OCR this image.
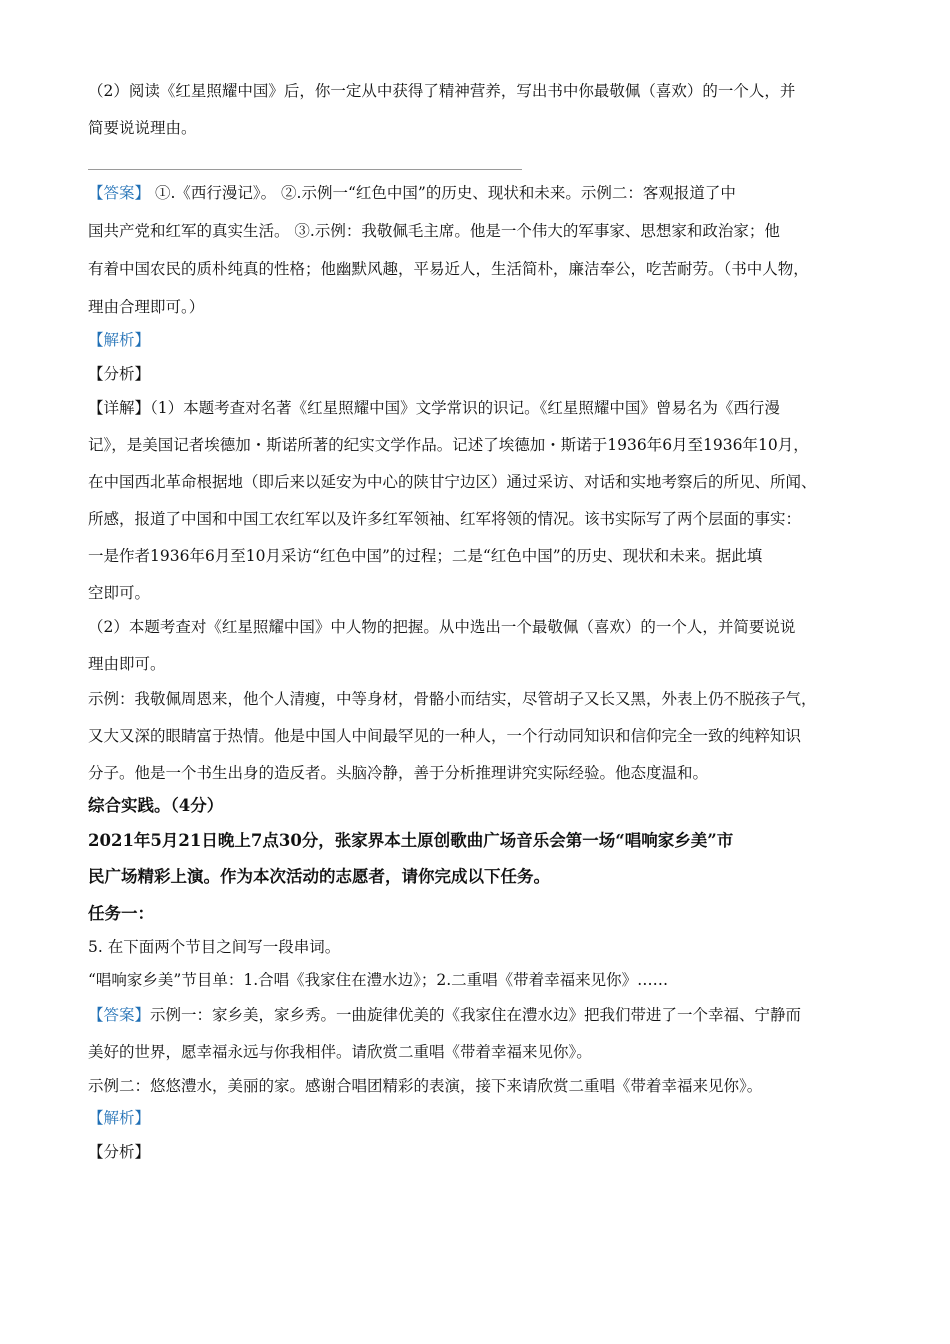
（2）阅读《红星照耀中国》后，你一定从中获得了精神营养，写出书中你最敬佩（喜欢）的一个人，并
简要说说理由。
【答案】 ①.《西行漫记》。 ②.示例一“红色中国”的历史、现状和未来。示例二：客观报道了中
国共产党和红军的真实生活。 ③.示例：我敬佩毛主席。他是一个伟大的军事家、思想家和政治家；他
有着中国农民的质朴纯真的性格；他幽默风趣，平易近人，生活简朴，廉洁奉公，吃苦耐劳。（书中人物，
理由合理即可。）
【解析】
【分析】
【详解】（1）本题考查对名著《红星照耀中国》文学常识的识记。《红星照耀中国》曾易名为《西行漫
记》，是美国记者埃德加・斯诺所著的纪实文学作品。记述了埃德加・斯诺于1936年6月至1936年10月，
在中国西北革命根据地（即后来以延安为中心的陕甘宁边区）通过采访、对话和实地考察后的所见、所闻、
所感，报道了中国和中国工农红军以及许多红军领袖、红军将领的情况。该书实际写了两个层面的事实：
一是作者1936年6月至10月采访“红色中国”的过程；二是“红色中国”的历史、现状和未来。据此填
空即可。
（2）本题考查对《红星照耀中国》中人物的把握。从中选出一个最敬佩（喜欢）的一个人，并简要说说
理由即可。
示例：我敬佩周恩来，他个人清瘦，中等身材，骨骼小而结实，尽管胡子又长又黑，外表上仍不脱孩子气，
又大又深的眼睛富于热情。他是中国人中间最罕见的一种人，一个行动同知识和信仰完全一致的纯粹知识
分子。他是一个书生出身的造反者。头脑冷静，善于分析推理讲究实际经验。他态度温和。
综合实践。（4分）
2021年5月21日晚上7点30分，张家界本土原创歌曲广场音乐会第一场“唱响家乡美”市
民广场精彩上演。作为本次活动的志愿者，请你完成以下任务。
任务一：
5. 在下面两个节目之间写一段串词。
“唱响家乡美”节目单：1.合唱《我家住在澧水边》；2.二重唱《带着幸福来见你》……
【答案】示例一：家乡美，家乡秀。一曲旋律优美的《我家住在澧水边》把我们带进了一个幸福、宁静而
美好的世界，愿幸福永远与你我相伴。请欣赏二重唱《带着幸福来见你》。
示例二：悠悠澧水，美丽的家。感谢合唱团精彩的表演，接下来请欣赏二重唱《带着幸福来见你》。
【解析】
【分析】
